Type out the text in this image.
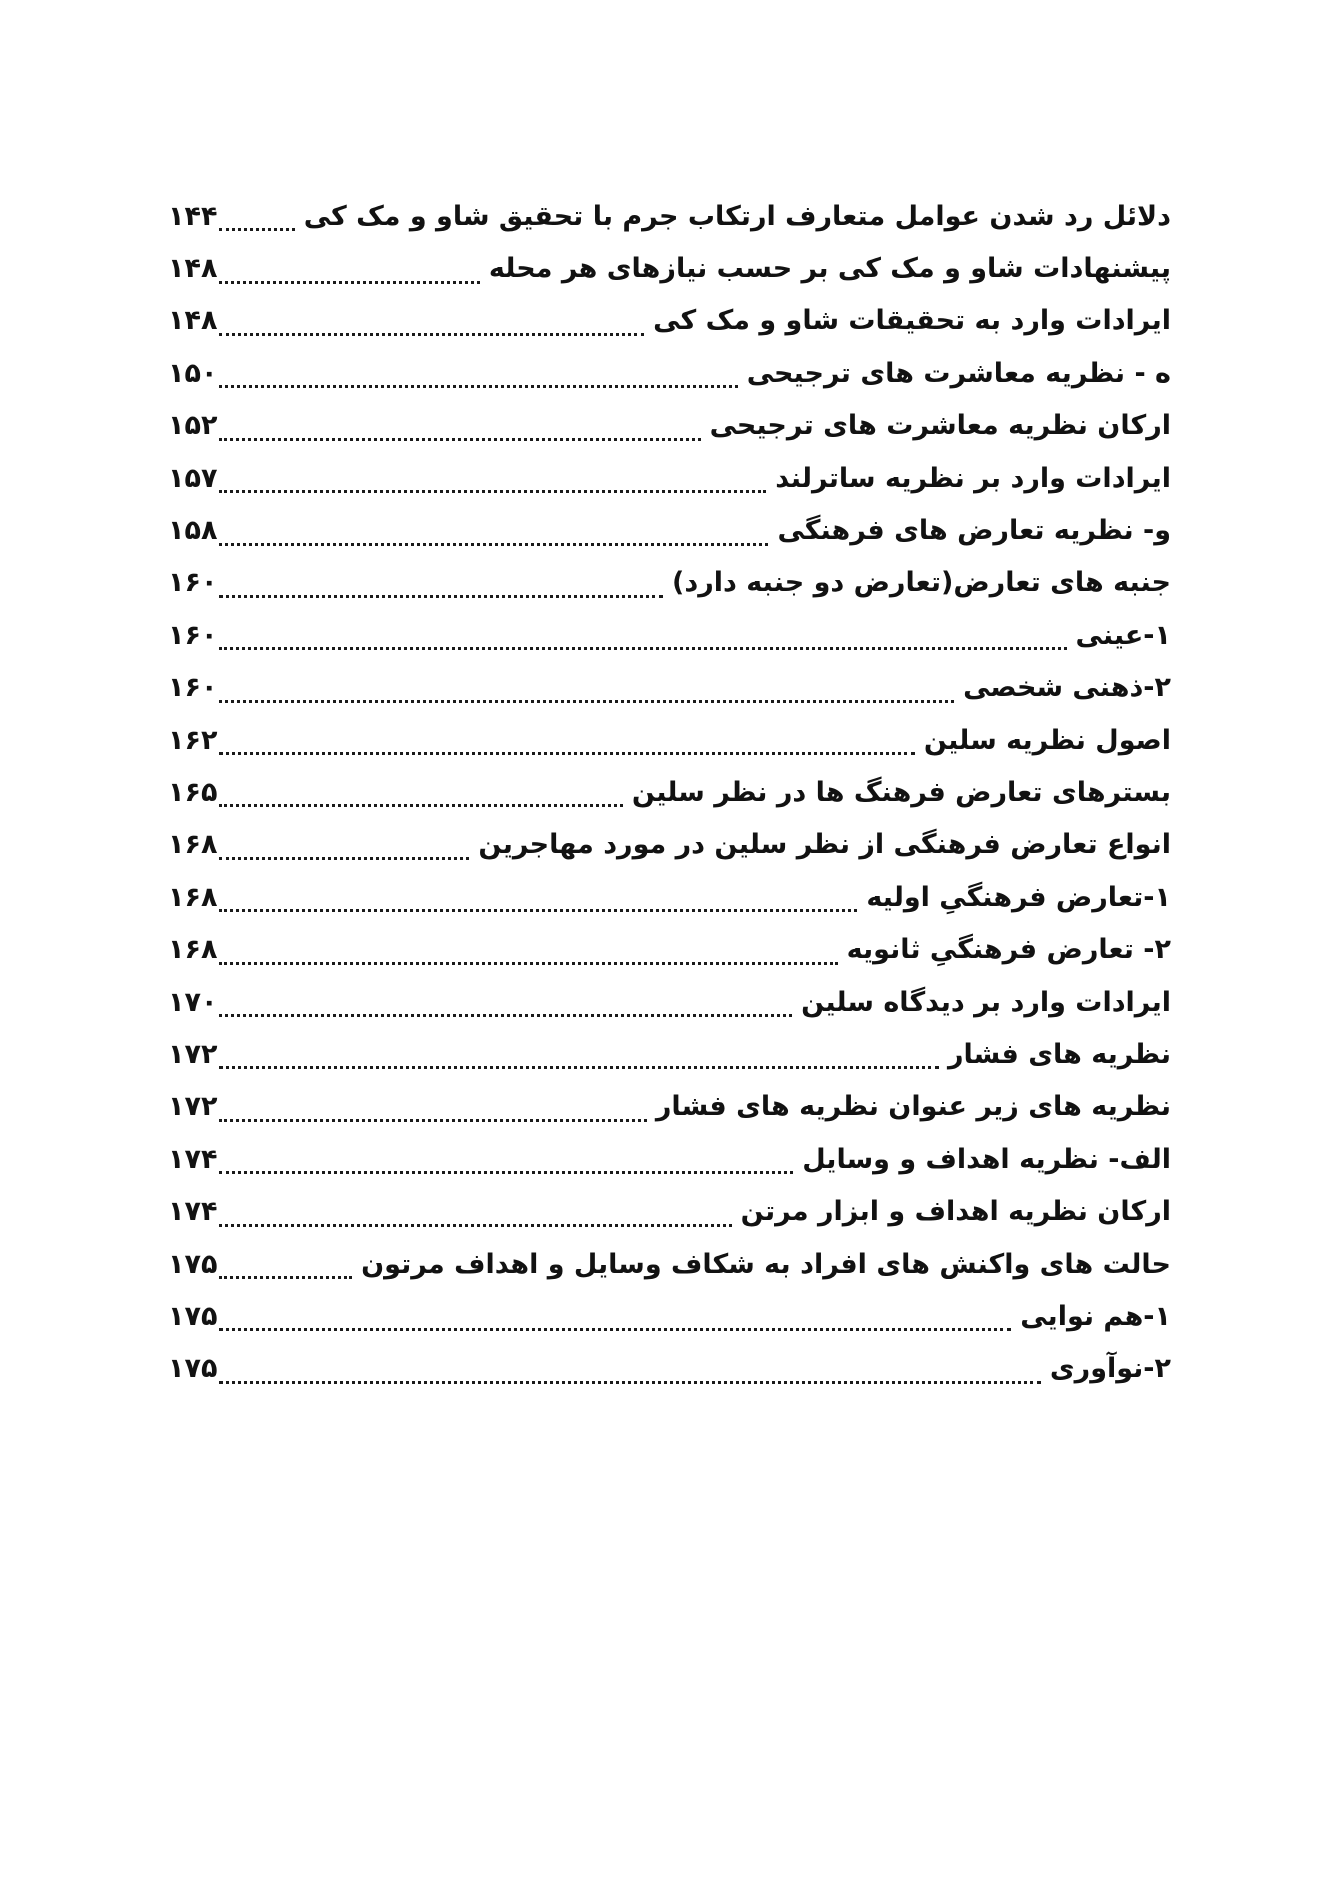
دلائل رد شدن عوامل متعارف ارتکاب جرم با تحقیق شاو و مک کی
۱۴۴
پیشنهادات شاو و مک کی بر حسب نیازهای هر محله
۱۴۸
ایرادات وارد به تحقیقات شاو و مک کی
۱۴۸
ه - نظریه معاشرت های ترجیحی
۱۵۰
ارکان نظریه معاشرت های ترجیحی
۱۵۲
ایرادات وارد بر نظریه ساترلند
۱۵۷
و- نظریه تعارض های فرهنگی
۱۵۸
جنبه های تعارض(تعارض دو جنبه دارد)
۱۶۰
۱-عینی
۱۶۰
۲-ذهنی شخصی
۱۶۰
اصول نظریه سلین
۱۶۲
بسترهای تعارض فرهنگ ها در نظر سلین
۱۶۵
انواع تعارض فرهنگی از نظر سلین در مورد مهاجرین
۱۶۸
۱-تعارض فرهنگیِ اولیه
۱۶۸
۲- تعارض فرهنگیِ ثانویه
۱۶۸
ایرادات وارد بر دیدگاه سلین
۱۷۰
نظریه های فشار
۱۷۲
نظریه های زیر عنوان نظریه های فشار
۱۷۲
الف- نظریه اهداف و وسایل
۱۷۴
ارکان نظریه اهداف و ابزار مرتن
۱۷۴
حالت های واکنش های افراد به شکاف وسایل و اهداف مرتون
۱۷۵
۱-هم نوایی
۱۷۵
۲-نوآوری
۱۷۵
